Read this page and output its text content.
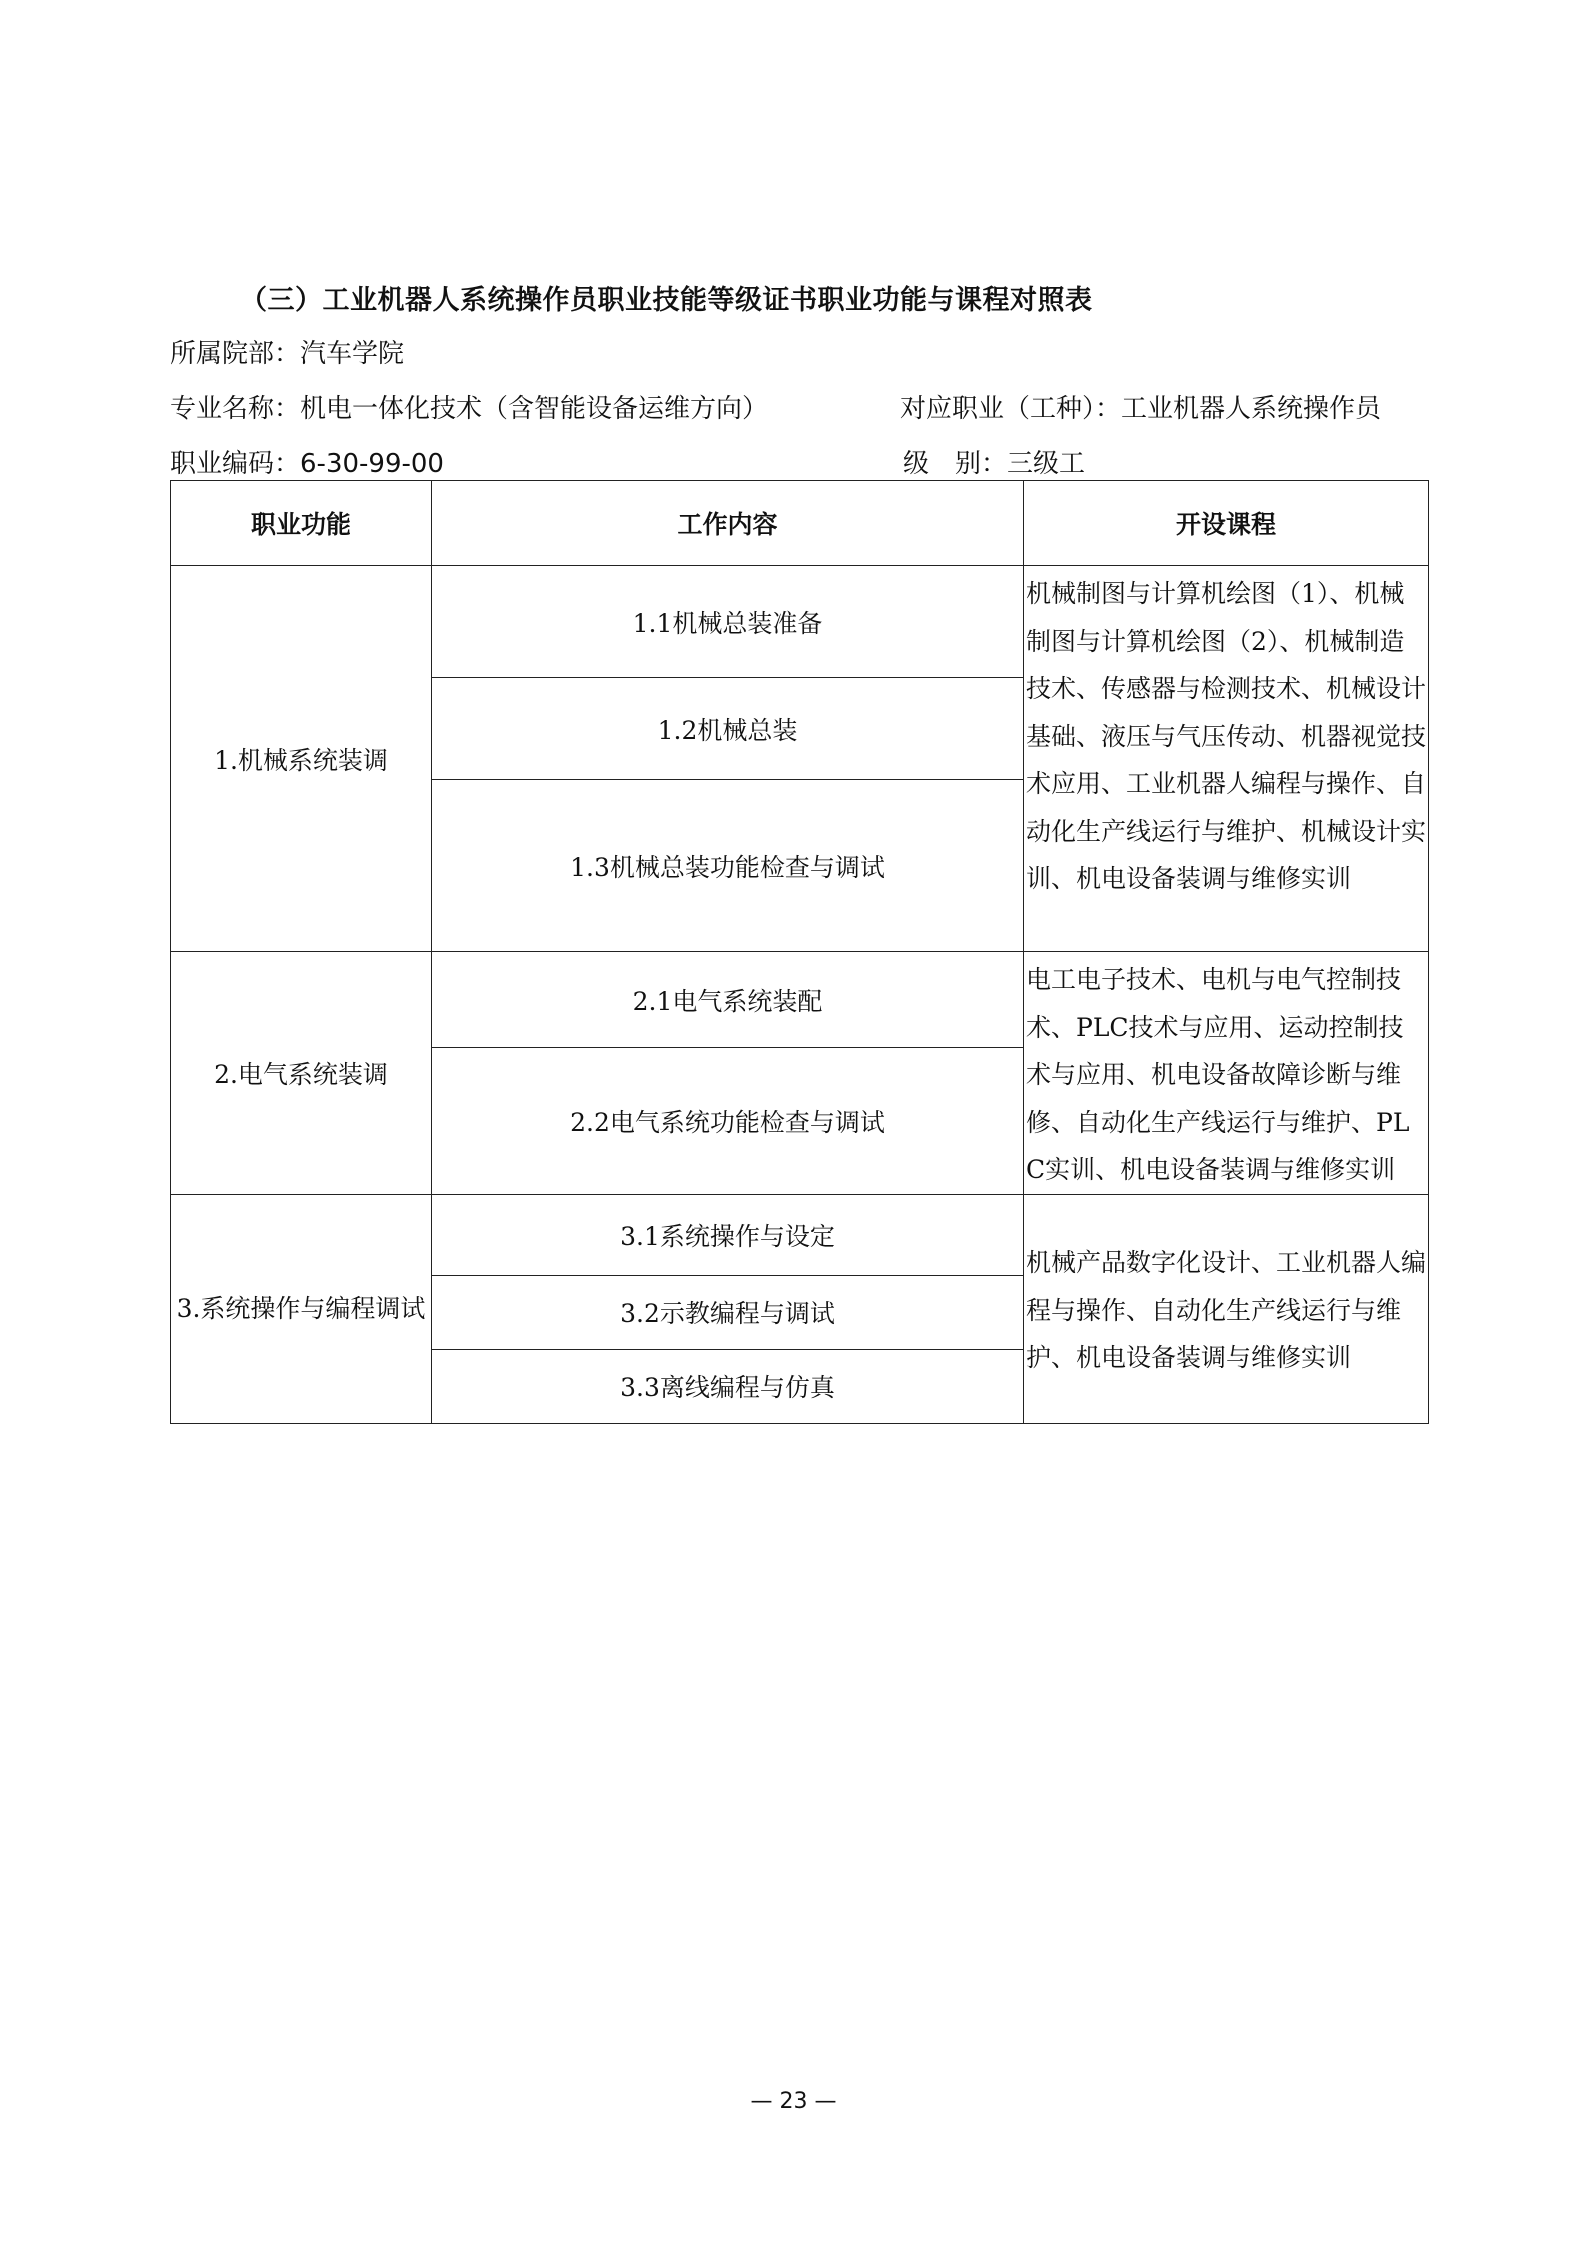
（三）工业机器人系统操作员职业技能等级证书职业功能与课程对照表
所属院部：汽车学院
专业名称：机电一体化技术（含智能设备运维方向）	对应职业（工种）：工业机器人系统操作员
职业编码：6-30-99-00	级　别：三级工
职业功能	工作内容	开设课程
1.机械系统装调	1.1机械总装准备	机械制图与计算机绘图（1）、机械制图与计算机绘图（2）、机械制造技术、传感器与检测技术、机械设计基础、液压与气压传动、机器视觉技术应用、工业机器人编程与操作、自动化生产线运行与维护、机械设计实训、机电设备装调与维修实训
	1.2机械总装	
	1.3机械总装功能检查与调试	
2.电气系统装调	2.1电气系统装配	电工电子技术、电机与电气控制技术、PLC技术与应用、运动控制技术与应用、机电设备故障诊断与维修、自动化生产线运行与维护、PLC实训、机电设备装调与维修实训
	2.2电气系统功能检查与调试	
3.系统操作与编程调试	3.1系统操作与设定	机械产品数字化设计、工业机器人编程与操作、自动化生产线运行与维护、机电设备装调与维修实训
	3.2示教编程与调试	
	3.3离线编程与仿真	
— 23 —
